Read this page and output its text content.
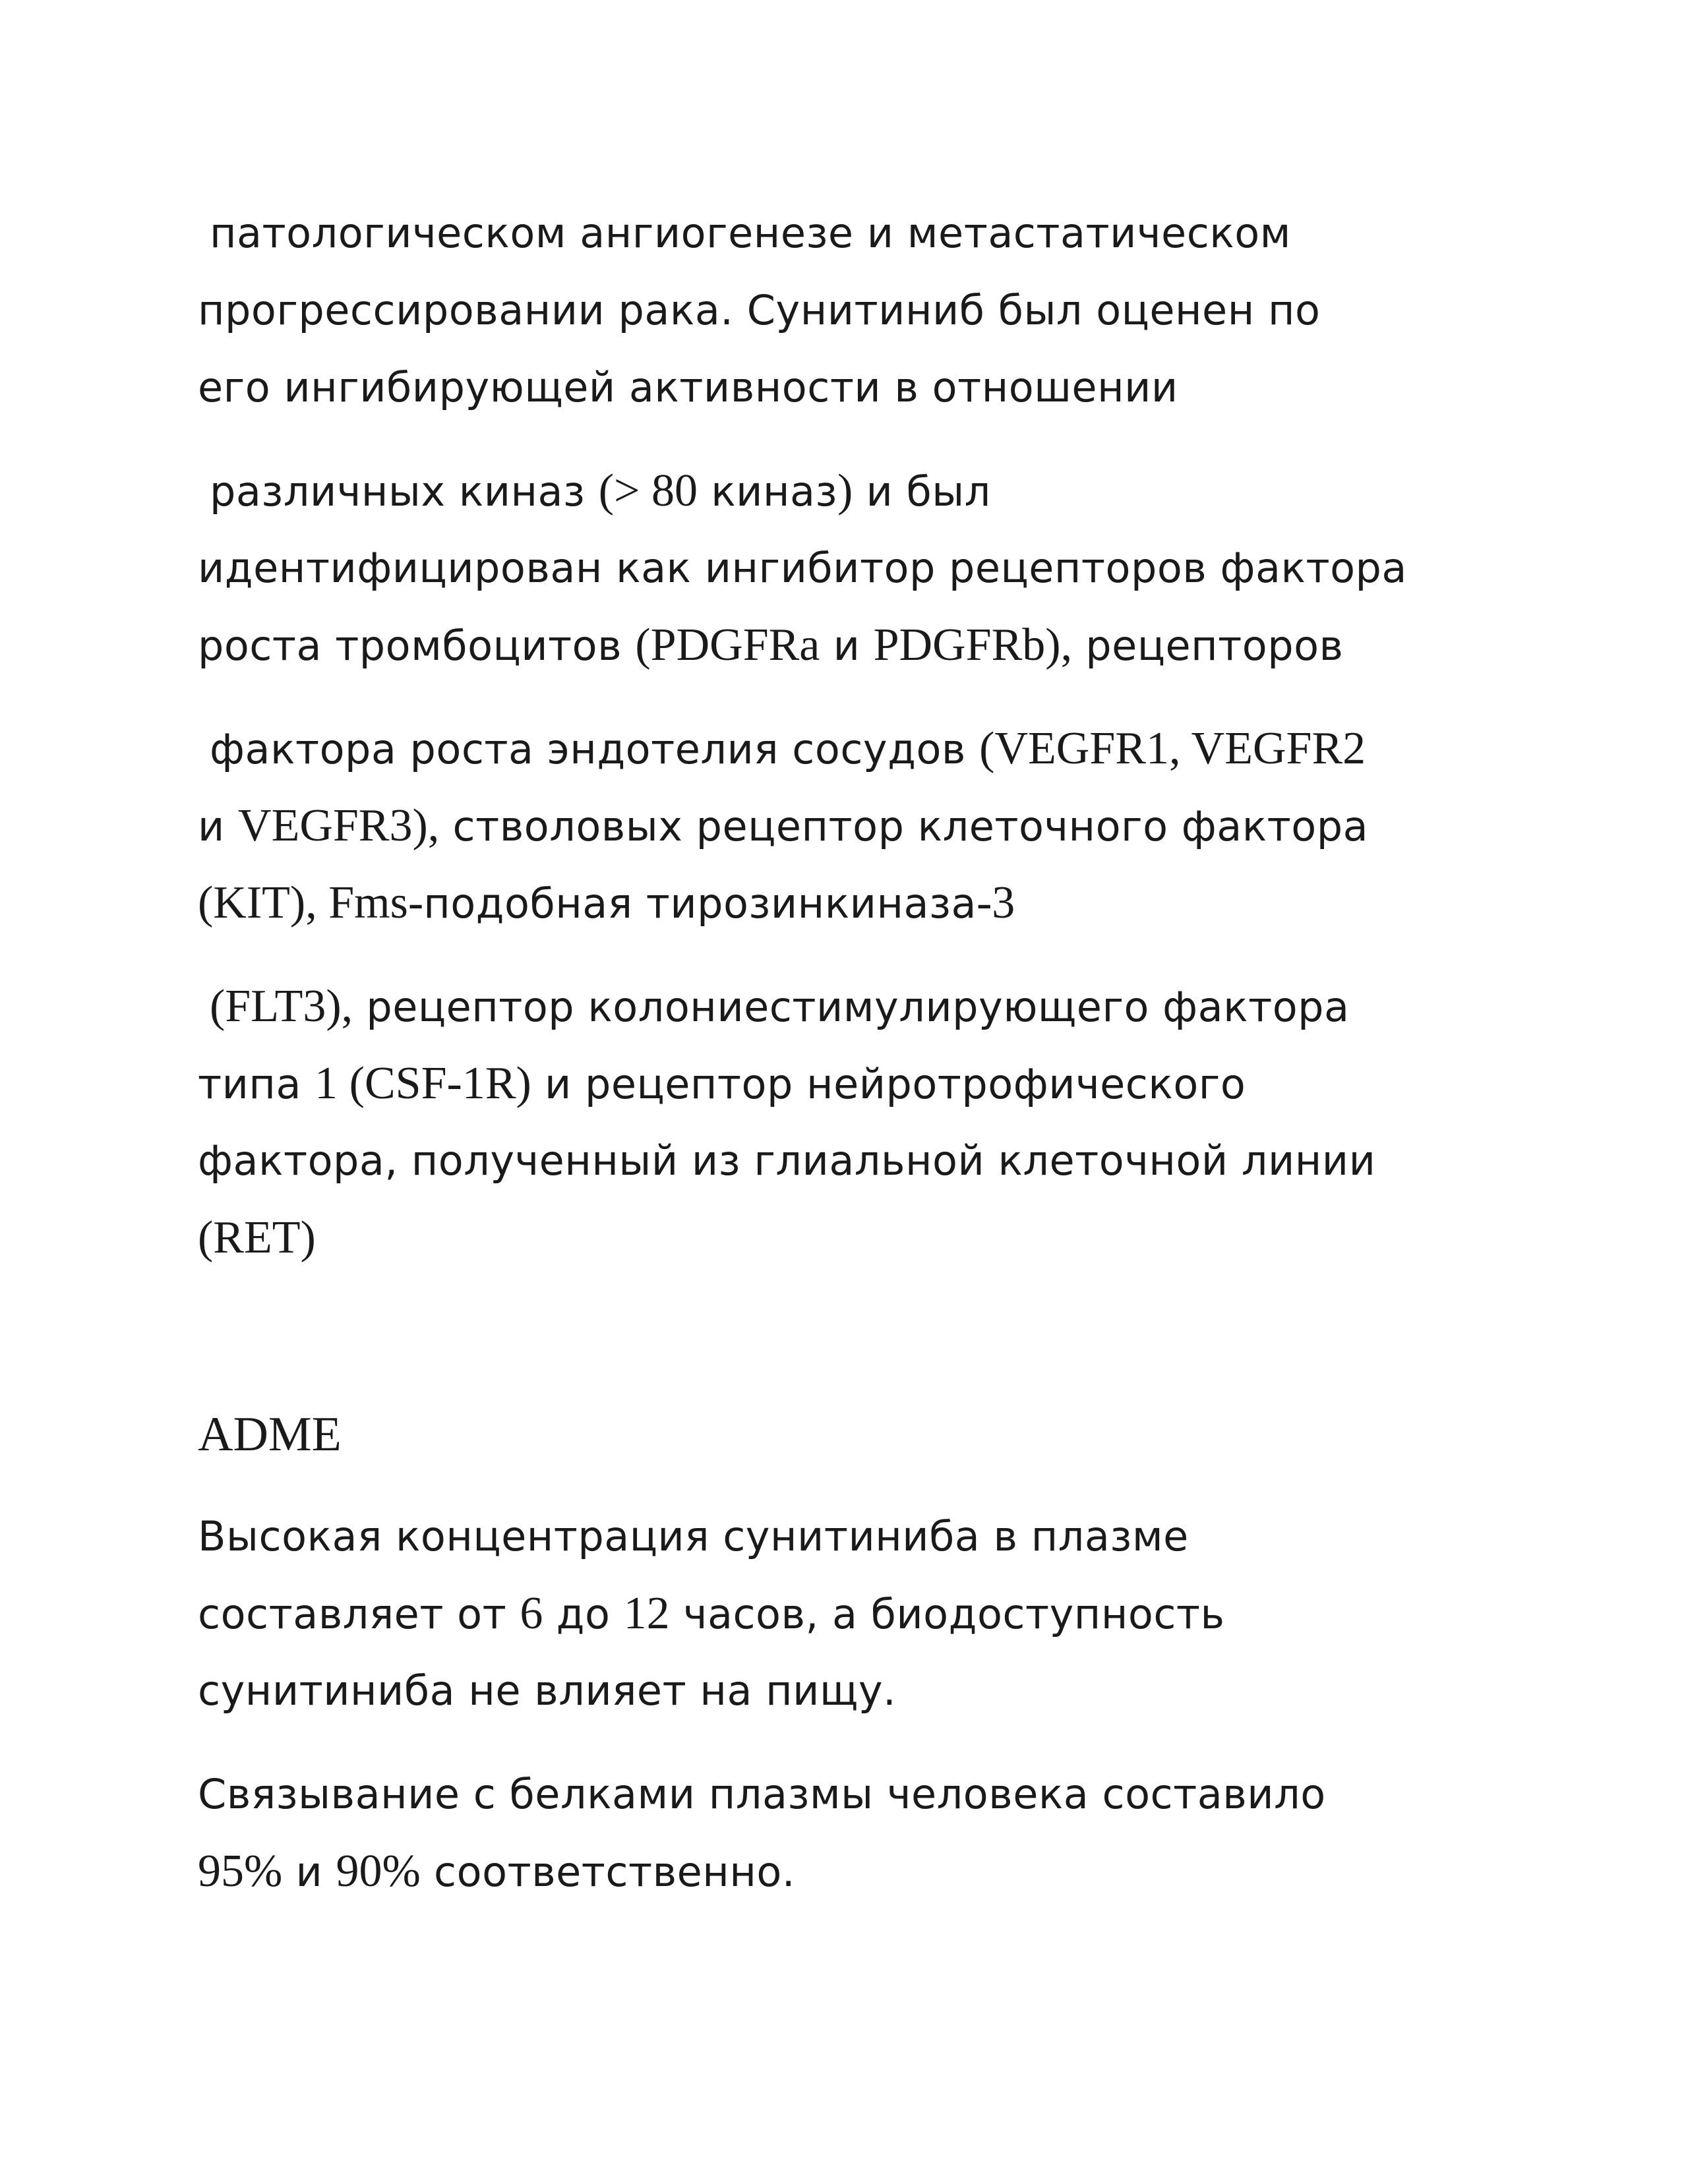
патологическом ангиогенезе и метастатическом
прогрессировании рака. Сунитиниб был оценен по
его ингибирующей активности в отношении
различных киназ (> 80 киназ) и был
идентифицирован как ингибитор рецепторов фактора
роста тромбоцитов (PDGFRa и PDGFRb), рецепторов
фактора роста эндотелия сосудов (VEGFR1, VEGFR2
и VEGFR3), стволовых рецептор клеточного фактора
(KIT), Fms-подобная тирозинкиназа-3
(FLT3), рецептор колониестимулирующего фактора
типа 1 (CSF-1R) и рецептор нейротрофического
фактора, полученный из глиальной клеточной линии
(RET)
ADME
Высокая концентрация сунитиниба в плазме
составляет от 6 до 12 часов, а биодоступность
сунитиниба не влияет на пищу.
Связывание с белками плазмы человека составило
95% и 90% соответственно.
